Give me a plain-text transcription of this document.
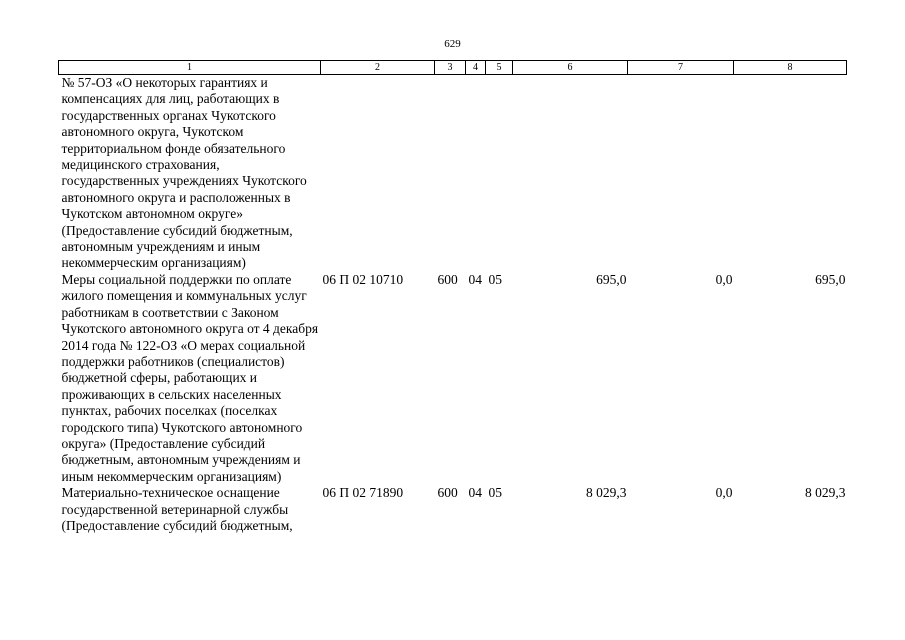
629
1	2	3	4	5	6	7	8
№ 57-ОЗ «О некоторых гарантиях и компенсациях для лиц, работающих в государственных органах Чукотского автономного округа, Чукотском территориальном фонде обязательного медицинского страхования, государственных учреждениях Чукотского автономного округа и расположенных в Чукотском автономном округе» (Предоставление субсидий бюджетным, автономным учреждениям и иным некоммерческим организациям)							
Меры социальной поддержки по оплате жилого помещения и коммунальных услуг работникам в соответствии с Законом Чукотского автономного округа от 4 декабря 2014 года № 122-ОЗ «О мерах социальной поддержки работников (специалистов) бюджетной сферы, работающих и проживающих в сельских населенных пунктах, рабочих поселках (поселках городского типа) Чукотского автономного округа» (Предоставление субсидий бюджетным, автономным учреждениям и иным некоммерческим организациям)	06 П 02 10710	600	04	05	695,0	0,0	695,0
Материально-техническое оснащение государственной ветеринарной службы (Предоставление субсидий бюджетным,	06 П 02 71890	600	04	05	8 029,3	0,0	8 029,3
